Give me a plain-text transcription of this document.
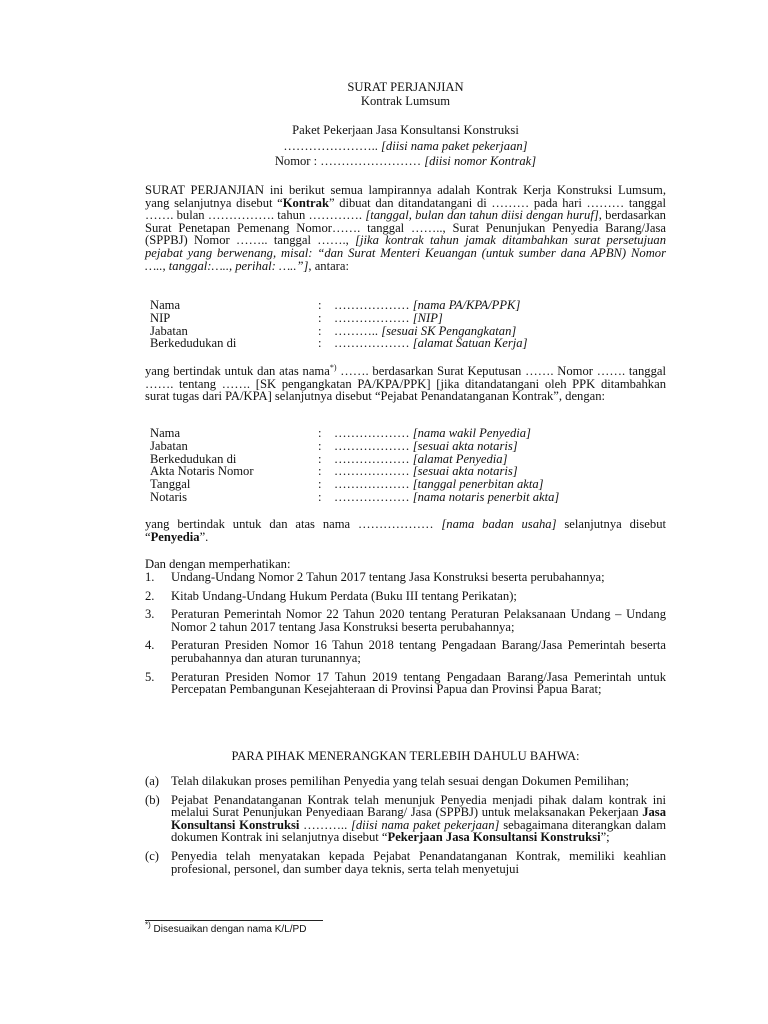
SURAT PERJANJIAN
Kontrak Lumsum
Paket Pekerjaan Jasa Konsultansi Konstruksi
………………….. [diisi nama paket pekerjaan]
Nomor : …………………… [diisi nomor Kontrak]
SURAT PERJANJIAN ini berikut semua lampirannya adalah Kontrak Kerja Konstruksi Lumsum, yang selanjutnya disebut “Kontrak” dibuat dan ditandatangani di ……… pada hari ……… tanggal ……. bulan ……………. tahun …………. [tanggal, bulan dan tahun diisi dengan huruf], berdasarkan Surat Penetapan Pemenang Nomor……. tanggal …….., Surat Penunjukan Penyedia Barang/Jasa (SPPBJ) Nomor …….. tanggal ……., [jika kontrak tahun jamak ditambahkan surat persetujuan pejabat yang berwenang, misal: “dan Surat Menteri Keuangan (untuk sumber dana APBN) Nomor ….., tanggal:….., perihal: …..”], antara:
Nama	: ……………… [nama PA/KPA/PPK]
NIP	: ……………… [NIP]
Jabatan	: ……….. [sesuai SK Pengangkatan]
Berkedudukan di	: ……………… [alamat Satuan Kerja]
yang bertindak untuk dan atas nama*) ……. berdasarkan Surat Keputusan ……. Nomor ……. tanggal ……. tentang ……. [SK pengangkatan PA/KPA/PPK] [jika ditandatangani oleh PPK ditambahkan surat tugas dari PA/KPA] selanjutnya disebut “Pejabat Penandatanganan Kontrak”, dengan:
Nama	: ……………… [nama wakil Penyedia]
Jabatan	: ……………… [sesuai akta notaris]
Berkedudukan di	: ……………… [alamat Penyedia]
Akta Notaris Nomor	: ……………… [sesuai akta notaris]
Tanggal	: ……………… [tanggal penerbitan akta]
Notaris	: ……………… [nama notaris penerbit akta]
yang bertindak untuk dan atas nama ……………… [nama badan usaha] selanjutnya disebut “Penyedia”.
Dan dengan memperhatikan:
1.	Undang-Undang Nomor 2 Tahun 2017 tentang Jasa Konstruksi beserta perubahannya;
2.	Kitab Undang-Undang Hukum Perdata (Buku III tentang Perikatan);
3.	Peraturan Pemerintah Nomor 22 Tahun 2020 tentang Peraturan Pelaksanaan Undang – Undang Nomor 2 tahun 2017 tentang Jasa Konstruksi beserta perubahannya;
4.	Peraturan Presiden Nomor 16 Tahun 2018 tentang Pengadaan Barang/Jasa Pemerintah beserta perubahannya dan aturan turunannya;
5.	Peraturan Presiden Nomor 17 Tahun 2019 tentang Pengadaan Barang/Jasa Pemerintah untuk Percepatan Pembangunan Kesejahteraan di Provinsi Papua dan Provinsi Papua Barat;
PARA PIHAK MENERANGKAN TERLEBIH DAHULU BAHWA:
(a) Telah dilakukan proses pemilihan Penyedia yang telah sesuai dengan Dokumen Pemilihan;
(b) Pejabat Penandatanganan Kontrak telah menunjuk Penyedia menjadi pihak dalam kontrak ini melalui Surat Penunjukan Penyediaan Barang/ Jasa (SPPBJ) untuk melaksanakan Pekerjaan Jasa Konsultansi Konstruksi ……….. [diisi nama paket pekerjaan] sebagaimana diterangkan dalam dokumen Kontrak ini selanjutnya disebut “Pekerjaan Jasa Konsultansi Konstruksi”;
(c) Penyedia telah menyatakan kepada Pejabat Penandatanganan Kontrak, memiliki keahlian profesional, personel, dan sumber daya teknis, serta telah menyetujui
*) Disesuaikan dengan nama K/L/PD
